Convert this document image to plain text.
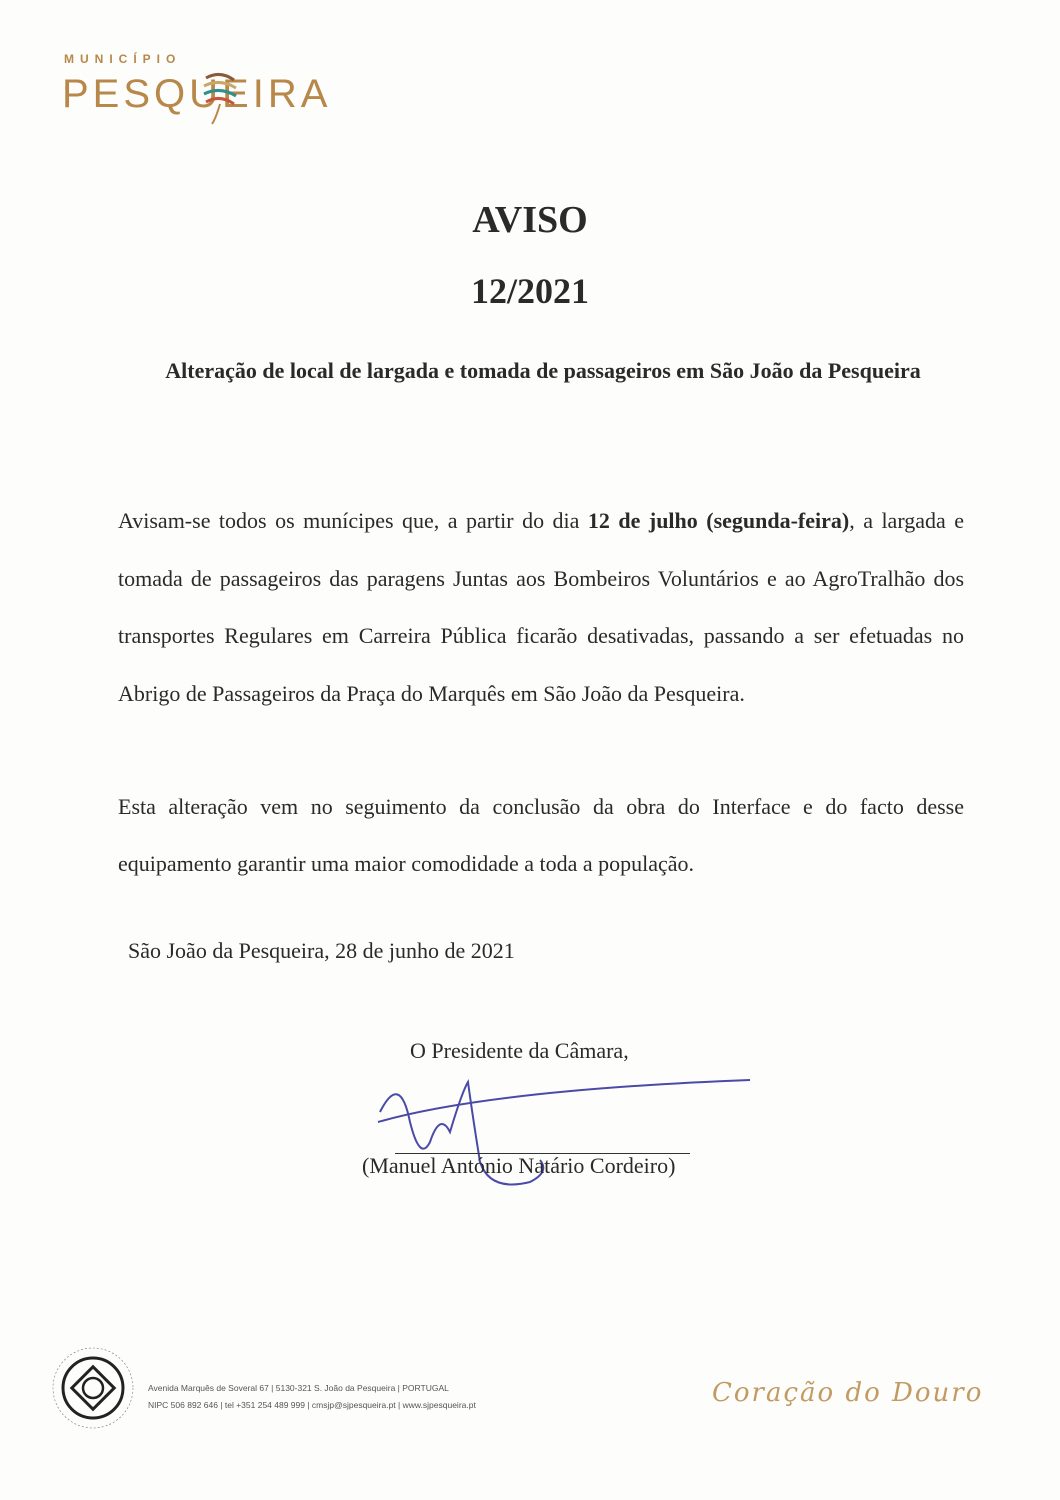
MUNICÍPIO
PESQUEIRA
AVISO
12/2021
Alteração de local de largada e tomada de passageiros em São João da Pesqueira
Avisam-se todos os munícipes que, a partir do dia 12 de julho (segunda-feira), a largada e tomada de passageiros das paragens Juntas aos Bombeiros Voluntários e ao AgroTralhão dos transportes Regulares em Carreira Pública ficarão desativadas, passando a ser efetuadas no Abrigo de Passageiros da Praça do Marquês em São João da Pesqueira.
Esta alteração vem no seguimento da conclusão da obra do Interface e do facto desse equipamento garantir uma maior comodidade a toda a população.
São João da Pesqueira, 28 de junho de 2021
O Presidente da Câmara,
(Manuel António Natário Cordeiro)
Avenida Marquês de Soveral 67 | 5130-321 S. João da Pesqueira | PORTUGAL
NIPC 506 892 646 | tel +351 254 489 999 | cmsjp@sjpesqueira.pt | www.sjpesqueira.pt	Coração do Douro
